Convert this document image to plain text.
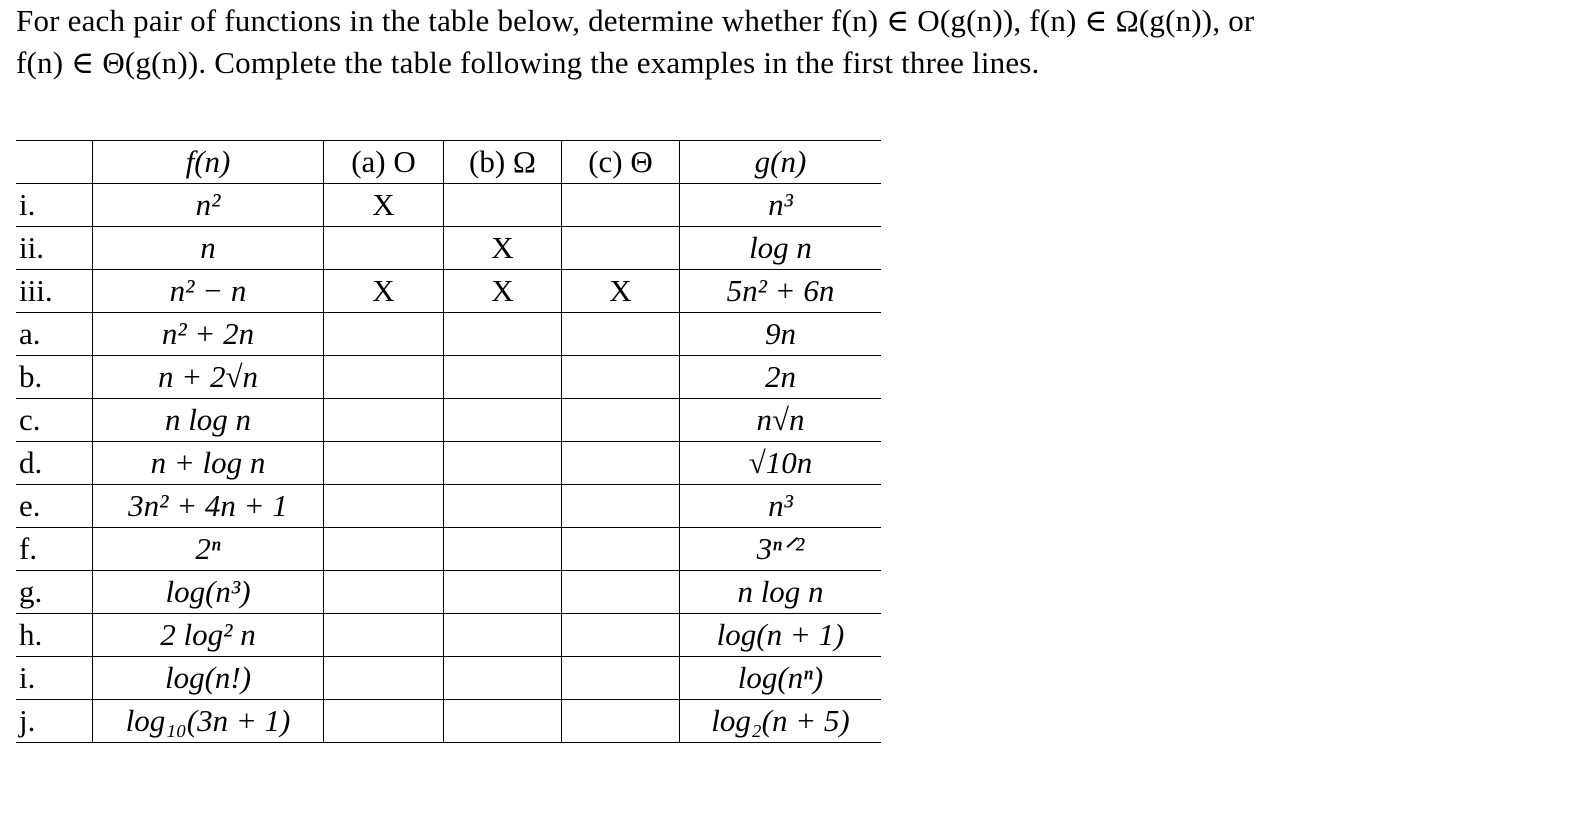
For each pair of functions in the table below, determine whether f(n) ∈ O(g(n)), f(n) ∈ Ω(g(n)), or

f(n) ∈ Θ(g(n)). Complete the table following the examples in the first three lines.

	f(n)	(a) O	(b) Ω	(c) Θ	g(n)
i.	n²	X			n³
ii.	n		X		log n
iii.	n² − n	X	X	X	5n² + 6n
a.	n² + 2n				9n
b.	n + 2√n				2n
c.	n log n				n√n
d.	n + log n				√10n
e.	3n² + 4n + 1				n³
f.	2ⁿ				3ⁿᐟ²
g.	log(n³)				n log n
h.	2 log² n				log(n + 1)
i.	log(n!)				log(nⁿ)
j.	log₁₀(3n + 1)				log₂(n + 5)
